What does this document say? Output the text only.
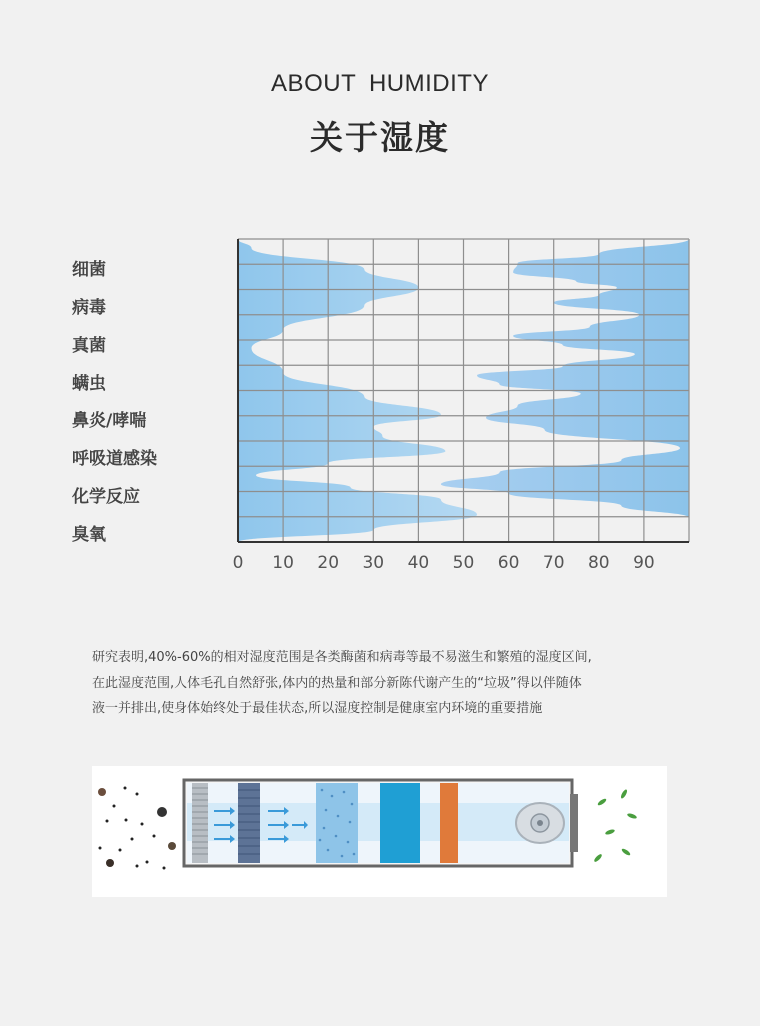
ABOUT HUMIDITY
关于湿度
细菌
病毒
真菌
螨虫
鼻炎/哮喘
呼吸道感染
化学反应
臭氧
0 10 20 30 40 50 60 70 80 90

研究表明,40%-60%的相对湿度范围是各类酶菌和病毒等最不易滋生和繁殖的湿度区间,

在此湿度范围,人体毛孔自然舒张,体内的热量和部分新陈代谢产生的“垃圾”得以伴随体

液一并排出,使身体始终处于最佳状态,所以湿度控制是健康室内环境的重要措施
